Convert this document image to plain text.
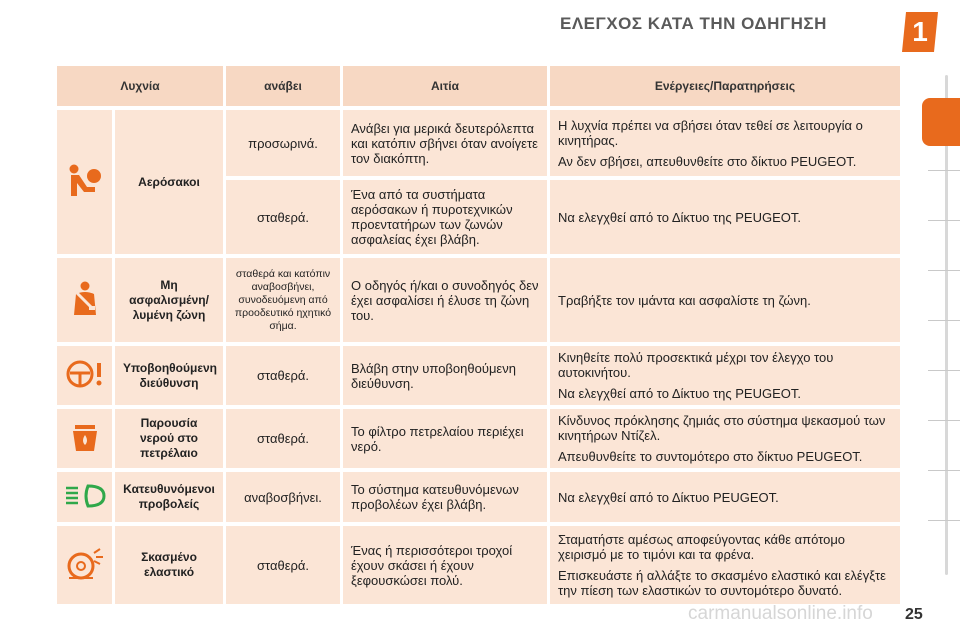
ΕΛΕΓΧΟΣ ΚΑΤΑ ΤΗΝ ΟΔΗΓΗΣΗ	1
Λυχνία		ανάβει	Αιτία	Ενέργειες/Παρατηρήσεις
	Αερόσακοι	προσωρινά.	Ανάβει για μερικά δευτερόλεπτα και κατόπιν σβήνει όταν ανοίγετε τον διακόπτη.	Η λυχνία πρέπει να σβήσει όταν τεθεί σε λειτουργία ο κινητήρας.

Αν δεν σβήσει, απευθυνθείτε στο δίκτυο PEUGEOT.

		σταθερά.	Ένα από τα συστήματα αερόσακων ή πυροτεχνικών προεντατήρων των ζωνών ασφαλείας έχει βλάβη.	Να ελεγχθεί από το Δίκτυο της PEUGEOT.

	Μη ασφαλισμένη/ λυμένη ζώνη	σταθερά και κατόπιν αναβοσβήνει, συνοδευόμενη από προοδευτικό ηχητικό σήμα.	Ο οδηγός ή/και ο συνοδηγός δεν έχει ασφαλίσει ή έλυσε τη ζώνη του.	Τραβήξτε τον ιμάντα και ασφαλίστε τη ζώνη.

	Υποβοηθούμενη διεύθυνση	σταθερά.	Βλάβη στην υποβοηθούμενη διεύθυνση.	Κινηθείτε πολύ προσεκτικά μέχρι τον έλεγχο του αυτοκινήτου.

Να ελεγχθεί από το Δίκτυο της PEUGEOT.

	Παρουσία νερού στο πετρέλαιο	σταθερά.	Το φίλτρο πετρελαίου περιέχει νερό.	Κίνδυνος πρόκλησης ζημιάς στο σύστημα ψεκασμού των κινητήρων Ντίζελ.

Απευθυνθείτε το συντομότερο στο δίκτυο PEUGEOT.

	Κατευθυνόμενοι προβολείς	αναβοσβήνει.	Το σύστημα κατευθυνόμενων προβολέων έχει βλάβη.	Να ελεγχθεί από το Δίκτυο PEUGEOT.

	Σκασμένο ελαστικό	σταθερά.	Ένας ή περισσότεροι τροχοί έχουν σκάσει ή έχουν ξεφουσκώσει πολύ.	Σταματήστε αμέσως αποφεύγοντας κάθε απότομο χειρισμό με το τιμόνι και τα φρένα.

Επισκευάστε ή αλλάξτε το σκασμένο ελαστικό και ελέγξτε την πίεση των ελαστικών το συντομότερο δυνατό.

carmanualsonline.info 25
